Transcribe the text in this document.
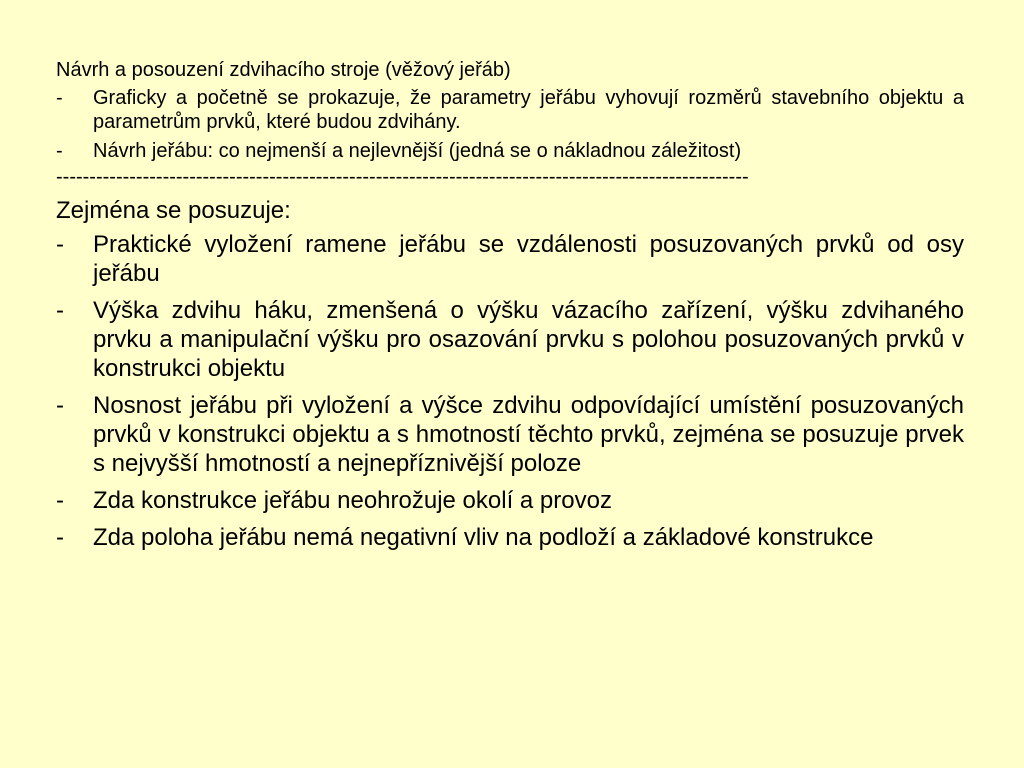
Návrh a posouzení zdvihacího stroje (věžový jeřáb)

- Graficky a početně se prokazuje, že parametry jeřábu vyhovují rozměrů stavebního objektu a parametrům prvků, které budou zdvihány.
- Návrh jeřábu: co nejmenší a nejlevnější (jedná se o nákladnou záležitost)
--------------------------------------------------------------------------------------------------------

Zejména se posuzuje:

- Praktické vyložení ramene jeřábu se vzdálenosti posuzovaných prvků od osy jeřábu
- Výška zdvihu háku, zmenšená o výšku vázacího zařízení, výšku zdvihaného prvku a manipulační výšku pro osazování prvku s polohou posuzovaných prvků v konstrukci objektu
- Nosnost jeřábu při vyložení a výšce zdvihu odpovídající umístění posuzovaných prvků v konstrukci objektu a s hmotností těchto prvků, zejména se posuzuje prvek s nejvyšší hmotností a nejnepříznivější poloze
- Zda konstrukce jeřábu neohrožuje okolí a provoz
- Zda poloha jeřábu nemá negativní vliv na podloží a základové konstrukce
